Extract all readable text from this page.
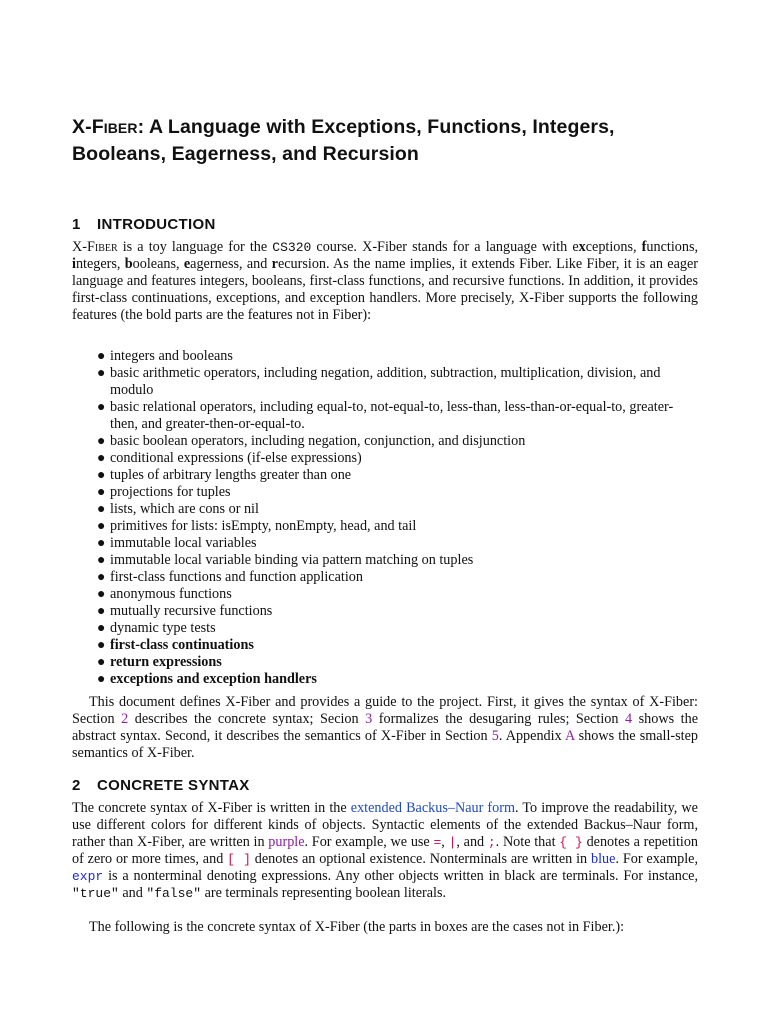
X-Fiber: A Language with Exceptions, Functions, Integers,
Booleans, Eagerness, and Recursion
1 INTRODUCTION

X-Fiber is a toy language for the CS320 course. X-Fiber stands for a language with exceptions, functions, integers, booleans, eagerness, and recursion. As the name implies, it extends Fiber. Like Fiber, it is an eager language and features integers, booleans, first-class functions, and recursive functions. In addition, it provides first-class continuations, exceptions, and exception handlers. More precisely, X-Fiber supports the following features (the bold parts are the features not in Fiber):

● integers and booleans
● basic arithmetic operators, including negation, addition, subtraction, multiplication, division, and modulo
● basic relational operators, including equal-to, not-equal-to, less-than, less-than-or-equal-to, greater-then, and greater-then-or-equal-to.
● basic boolean operators, including negation, conjunction, and disjunction
● conditional expressions (if-else expressions)
● tuples of arbitrary lengths greater than one
● projections for tuples
● lists, which are cons or nil
● primitives for lists: isEmpty, nonEmpty, head, and tail
● immutable local variables
● immutable local variable binding via pattern matching on tuples
● first-class functions and function application
● anonymous functions
● mutually recursive functions
● dynamic type tests
● first-class continuations
● return expressions
● exceptions and exception handlers

This document defines X-Fiber and provides a guide to the project. First, it gives the syntax of X-Fiber: Section 2 describes the concrete syntax; Secion 3 formalizes the desugaring rules; Section 4 shows the abstract syntax. Second, it describes the semantics of X-Fiber in Section 5. Appendix A shows the small-step semantics of X-Fiber.

2 CONCRETE SYNTAX

The concrete syntax of X-Fiber is written in the extended Backus–Naur form. To improve the readability, we use different colors for different kinds of objects. Syntactic elements of the extended Backus–Naur form, rather than X-Fiber, are written in purple. For example, we use =, |, and ;. Note that { } denotes a repetition of zero or more times, and [ ] denotes an optional existence. Nonterminals are written in blue. For example, expr is a nonterminal denoting expressions. Any other objects written in black are terminals. For instance, "true" and "false" are terminals representing boolean literals.

The following is the concrete syntax of X-Fiber (the parts in boxes are the cases not in Fiber.):
